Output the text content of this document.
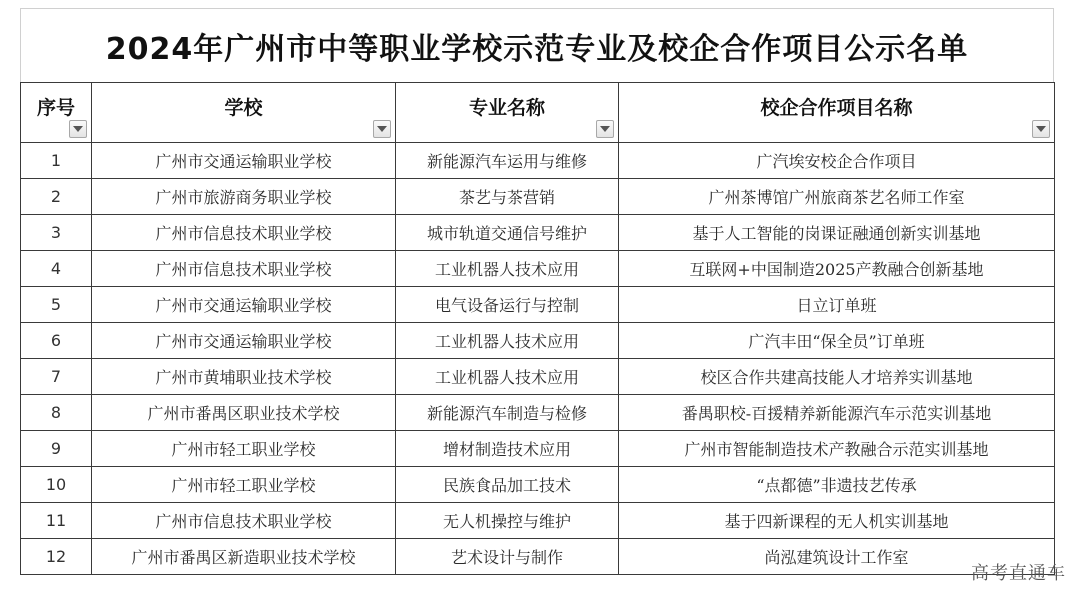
2024年广州市中等职业学校示范专业及校企合作项目公示名单
序号	学校	专业名称	校企合作项目名称

1	广州市交通运输职业学校	新能源汽车运用与维修	广汽埃安校企合作项目
2	广州市旅游商务职业学校	茶艺与茶营销	广州茶博馆广州旅商茶艺名师工作室
3	广州市信息技术职业学校	城市轨道交通信号维护	基于人工智能的岗课证融通创新实训基地
4	广州市信息技术职业学校	工业机器人技术应用	互联网+中国制造2025产教融合创新基地
5	广州市交通运输职业学校	电气设备运行与控制	日立订单班
6	广州市交通运输职业学校	工业机器人技术应用	广汽丰田“保全员”订单班
7	广州市黄埔职业技术学校	工业机器人技术应用	校区合作共建高技能人才培养实训基地
8	广州市番禺区职业技术学校	新能源汽车制造与检修	番禺职校-百援精养新能源汽车示范实训基地
9	广州市轻工职业学校	增材制造技术应用	广州市智能制造技术产教融合示范实训基地
10	广州市轻工职业学校	民族食品加工技术	“点都德”非遗技艺传承
11	广州市信息技术职业学校	无人机操控与维护	基于四新课程的无人机实训基地
12	广州市番禺区新造职业技术学校	艺术设计与制作	尚泓建筑设计工作室
高考直通车
